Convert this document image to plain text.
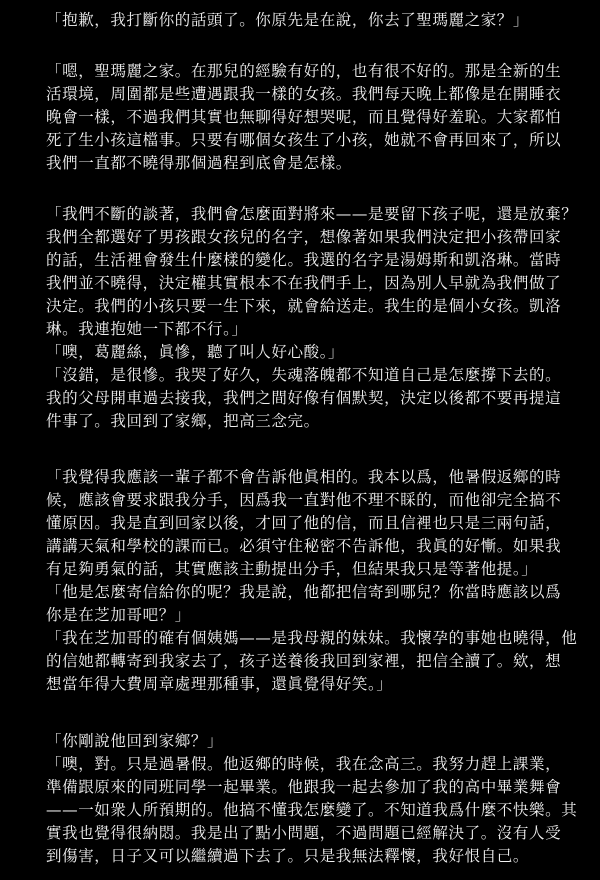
「抱歉，我打斷你的話頭了。你原先是在說，你去了聖瑪麗之家？」
「嗯，聖瑪麗之家。在那兒的經驗有好的，也有很不好的。那是全新的生
活環境，周圍都是些遭遇跟我一樣的女孩。我們每天晚上都像是在開睡衣
晚會一樣，不過我們其實也無聊得好想哭呢，而且覺得好羞恥。大家都怕
死了生小孩這檔事。只要有哪個女孩生了小孩，她就不會再回來了，所以
我們一直都不曉得那個過程到底會是怎樣。
「我們不斷的談著，我們會怎麼面對將來——是要留下孩子呢，還是放棄？
我們全都選好了男孩跟女孩兒的名字，想像著如果我們決定把小孩帶回家
的話，生活裡會發生什麼樣的變化。我選的名字是湯姆斯和凱洛琳。當時
我們並不曉得，決定權其實根本不在我們手上，因為別人早就為我們做了
決定。我們的小孩只要一生下來，就會給送走。我生的是個小女孩。凱洛
琳。我連抱她一下都不行。」
「噢，葛麗絲，眞慘，聽了叫人好心酸。」
「沒錯，是很慘。我哭了好久，失魂落魄都不知道自己是怎麼撐下去的。
我的父母開車過去接我，我們之間好像有個默契，決定以後都不要再提這
件事了。我回到了家鄉，把高三念完。
「我覺得我應該一輩子都不會告訴他眞相的。我本以爲，他暑假返鄉的時
候，應該會要求跟我分手，因爲我一直對他不理不睬的，而他卻完全搞不
懂原因。我是直到回家以後，才回了他的信，而且信裡也只是三兩句話，
講講天氣和學校的課而已。必須守住秘密不告訴他，我眞的好慚。如果我
有足夠勇氣的話，其實應該主動提出分手，但結果我只是等著他提。」
「他是怎麼寄信給你的呢？我是說，他都把信寄到哪兒？你當時應該以爲
你是在芝加哥吧？」
「我在芝加哥的確有個姨媽——是我母親的妹妹。我懷孕的事她也曉得，他
的信她都轉寄到我家去了，孩子送養後我回到家裡，把信全讀了。欸，想
想當年得大費周章處理那種事，還眞覺得好笑。」
「你剛說他回到家鄉？」
「噢，對。只是過暑假。他返鄉的時候，我在念高三。我努力趕上課業，
準備跟原來的同班同學一起畢業。他跟我一起去參加了我的高中畢業舞會
——一如衆人所預期的。他搞不懂我怎麼變了。不知道我爲什麼不快樂。其
實我也覺得很納悶。我是出了點小問題，不過問題已經解決了。沒有人受
到傷害，日子又可以繼續過下去了。只是我無法釋懷，我好恨自己。
